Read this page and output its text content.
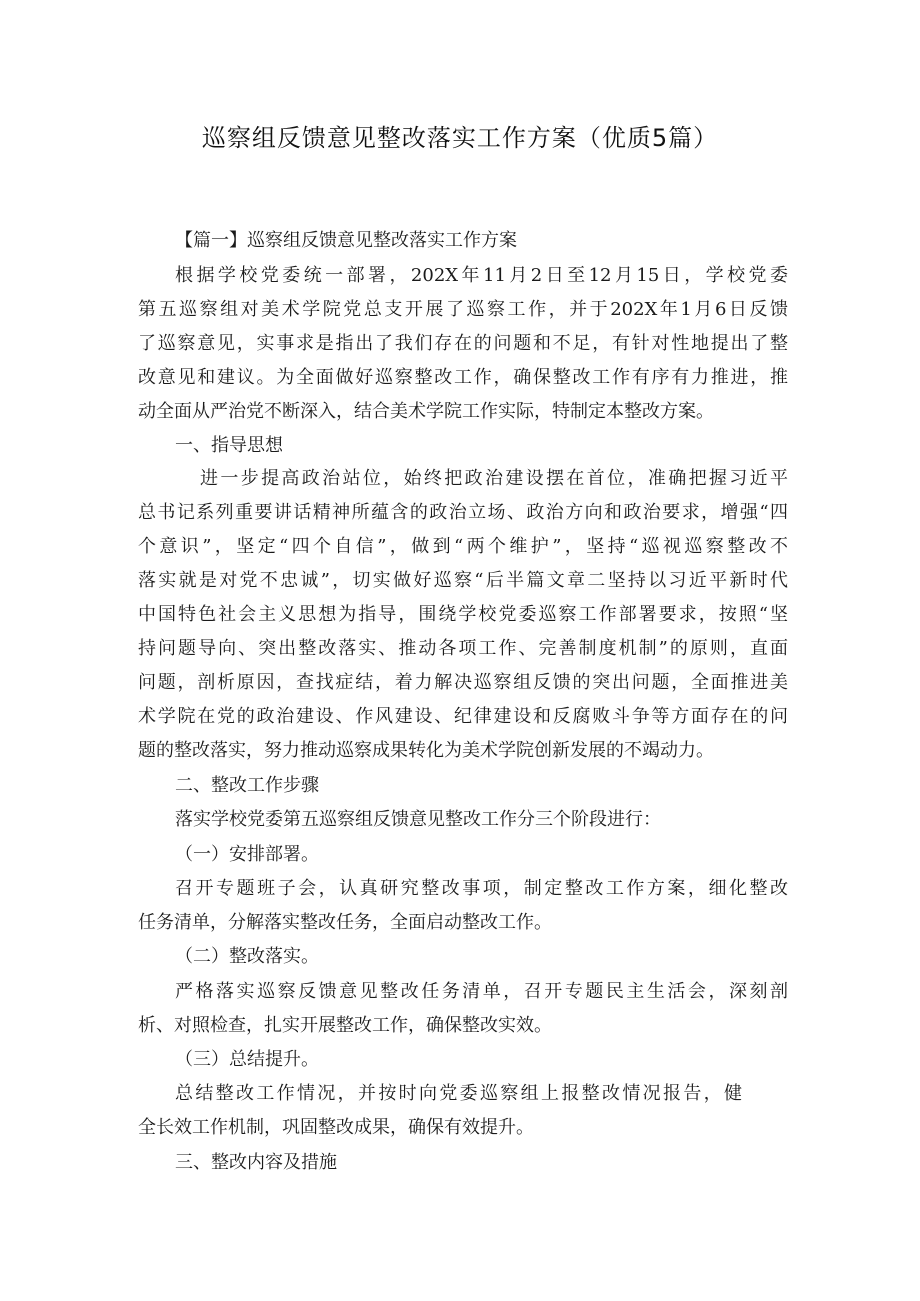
巡察组反馈意见整改落实工作方案（优质5篇）
【篇一】巡察组反馈意见整改落实工作方案
根据学校党委统一部署，202X年11月2日至12月15日，学校党委
第五巡察组对美术学院党总支开展了巡察工作，并于202X年1月6日反馈
了巡察意见，实事求是指出了我们存在的问题和不足，有针对性地提出了整
改意见和建议。为全面做好巡察整改工作，确保整改工作有序有力推进，推
动全面从严治党不断深入，结合美术学院工作实际，特制定本整改方案。
一、指导思想
进一步提高政治站位，始终把政治建设摆在首位，准确把握习近平
总书记系列重要讲话精神所蕴含的政治立场、政治方向和政治要求，增强“四
个意识”，坚定“四个自信”，做到“两个维护”，坚持“巡视巡察整改不
落实就是对党不忠诚”，切实做好巡察“后半篇文章二坚持以习近平新时代
中国特色社会主义思想为指导，围绕学校党委巡察工作部署要求，按照“坚
持问题导向、突出整改落实、推动各项工作、完善制度机制”的原则，直面
问题，剖析原因，查找症结，着力解决巡察组反馈的突出问题，全面推进美
术学院在党的政治建设、作风建设、纪律建设和反腐败斗争等方面存在的问
题的整改落实，努力推动巡察成果转化为美术学院创新发展的不竭动力。
二、整改工作步骤
落实学校党委第五巡察组反馈意见整改工作分三个阶段进行：
（一）安排部署。
召开专题班子会，认真研究整改事项，制定整改工作方案，细化整改
任务清单，分解落实整改任务，全面启动整改工作。
（二）整改落实。
严格落实巡察反馈意见整改任务清单，召开专题民主生活会，深刻剖
析、对照检查，扎实开展整改工作，确保整改实效。
（三）总结提升。
总结整改工作情况，并按时向党委巡察组上报整改情况报告，健
全长效工作机制，巩固整改成果，确保有效提升。
三、整改内容及措施
